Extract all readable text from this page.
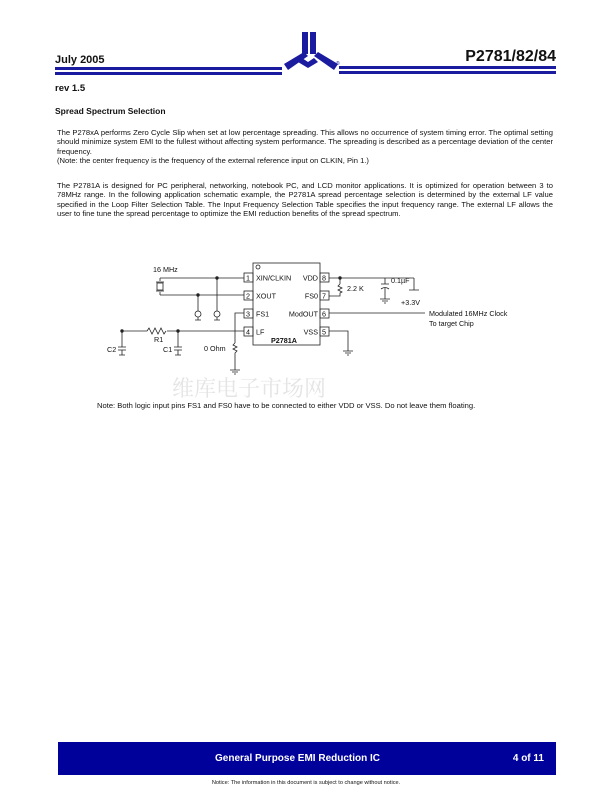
July 2005	P2781/82/84
®
rev 1.5
Spread Spectrum Selection

The P278xA performs Zero Cycle Slip when set at low percentage spreading. This allows no occurrence of system timing error. The optimal setting should minimize system EMI to the fullest without affecting system performance. The spreading is described as a percentage deviation of the center frequency.

(Note: the center frequency is the frequency of the external reference input on CLKIN, Pin 1.)

The P2781A is designed for PC peripheral, networking, notebook PC, and LCD monitor applications. It is optimized for operation between 3 to 78MHz range. In the following application schematic example, the P2781A spread percentage selection is determined by the external LF value specified in the Loop Filter Selection Table. The Input Frequency Selection Table specifies the input frequency range. The external LF allows the user to fine tune the spread percentage to optimize the EMI reduction benefits of the spread spectrum.

1
2
3
4
8
7
6
5
XIN/CLKIN
XOUT
FS1
LF
VDD
FS0
ModOUT
VSS
P2781A
16 MHz
2.2 K
0.1µF
+3.3V
Modulated 16MHz Clock
To target Chip
R1
C1
C2	0 Ohm
维库电子市场网
Note: Both logic input pins FS1 and FS0 have to be connected to either VDD or VSS. Do not leave them floating.
General Purpose EMI Reduction IC	4 of 11
Notice: The information in this document is subject to change without notice.
